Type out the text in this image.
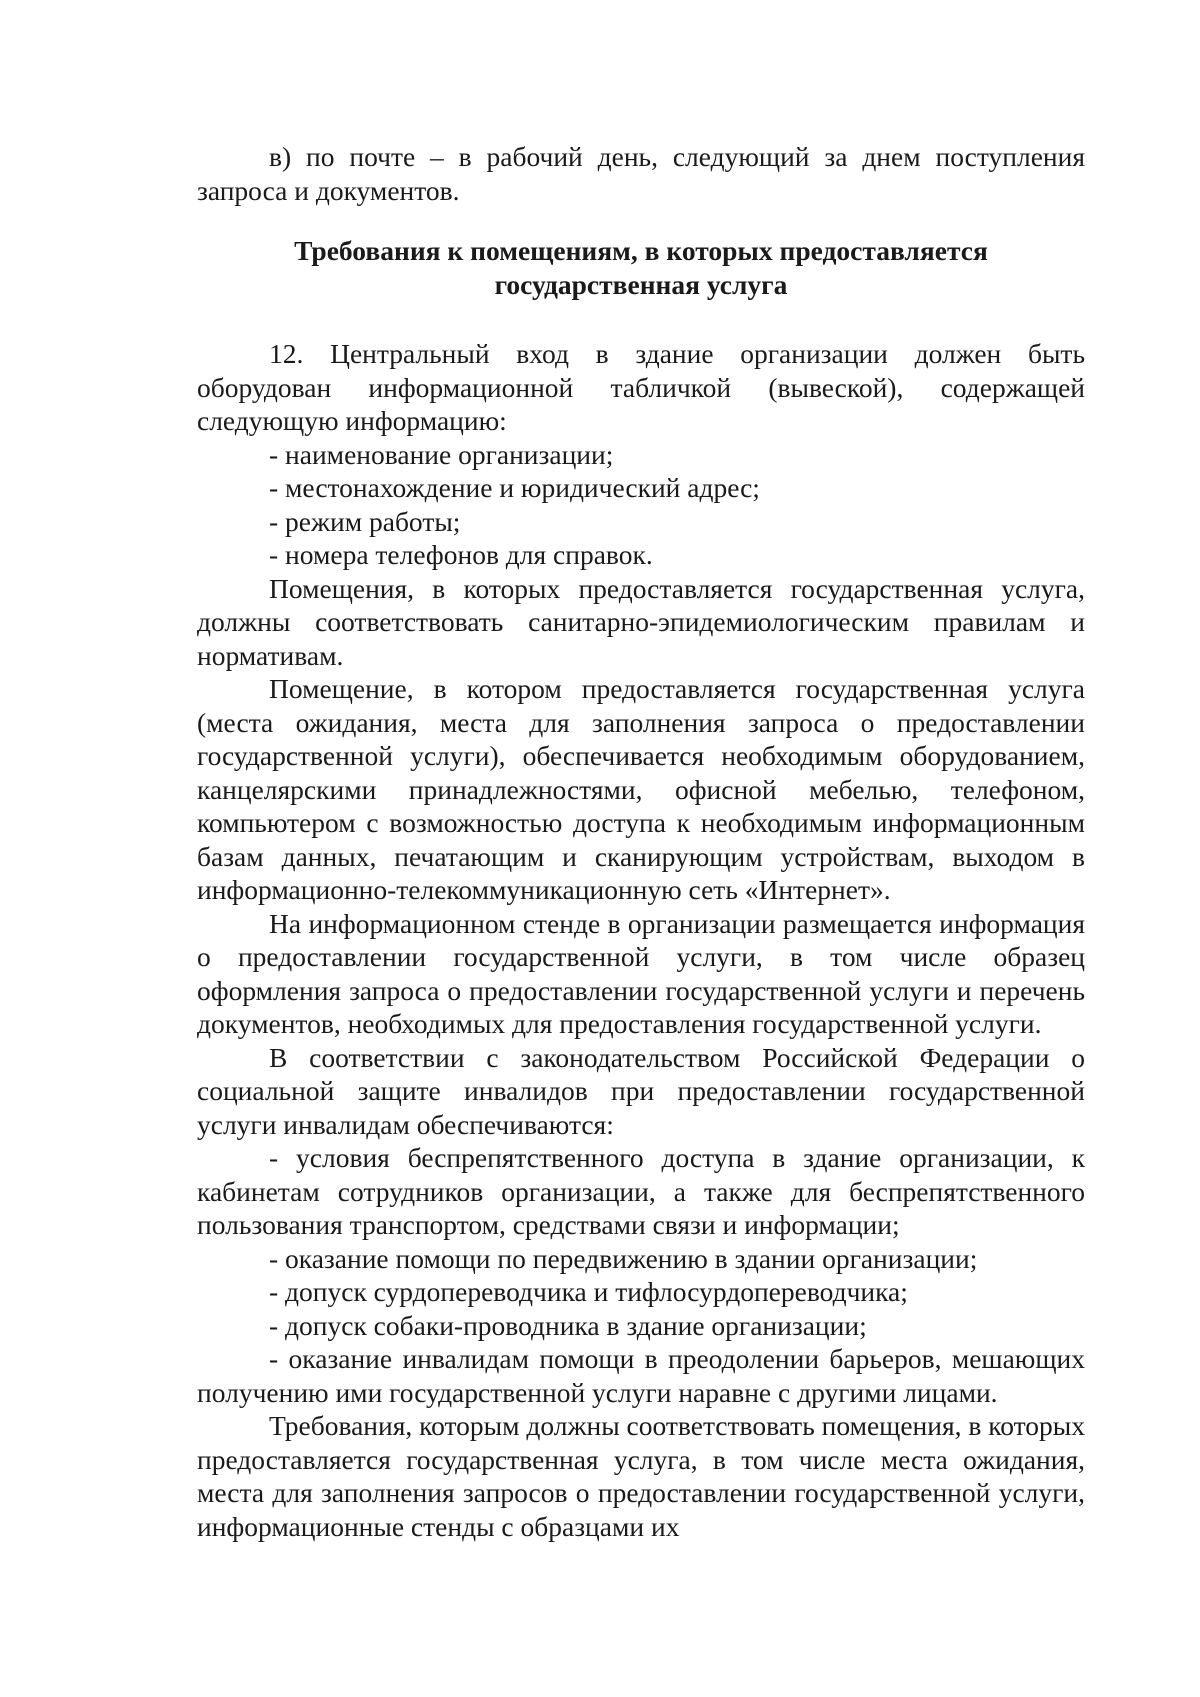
в) по почте – в рабочий день, следующий за днем поступления запроса и документов.

Требования к помещениям, в которых предоставляется

государственная услуга

12. Центральный вход в здание организации должен быть оборудован информационной табличкой (вывеской), содержащей следующую информацию:

- наименование организации;

- местонахождение и юридический адрес;

- режим работы;

- номера телефонов для справок.

Помещения, в которых предоставляется государственная услуга, должны соответствовать санитарно-эпидемиологическим правилам и нормативам.

Помещение, в котором предоставляется государственная услуга (места ожидания, места для заполнения запроса о предоставлении государственной услуги), обеспечивается необходимым оборудованием, канцелярскими принадлежностями, офисной мебелью, телефоном, компьютером с возможностью доступа к необходимым информационным базам данных, печатающим и сканирующим устройствам, выходом в информационно-телекоммуникационную сеть «Интернет».

На информационном стенде в организации размещается информация о предоставлении государственной услуги, в том числе образец оформления запроса о предоставлении государственной услуги и перечень документов, необходимых для предоставления государственной услуги.

В соответствии с законодательством Российской Федерации о социальной защите инвалидов при предоставлении государственной услуги инвалидам обеспечиваются:

- условия беспрепятственного доступа в здание организации, к кабинетам сотрудников организации, а также для беспрепятственного пользования транспортом, средствами связи и информации;

- оказание помощи по передвижению в здании организации;

- допуск сурдопереводчика и тифлосурдопереводчика;

- допуск собаки-проводника в здание организации;

- оказание инвалидам помощи в преодолении барьеров, мешающих получению ими государственной услуги наравне с другими лицами.

Требования, которым должны соответствовать помещения, в которых предоставляется государственная услуга, в том числе места ожидания, места для заполнения запросов о предоставлении государственной услуги, информационные стенды с образцами их
